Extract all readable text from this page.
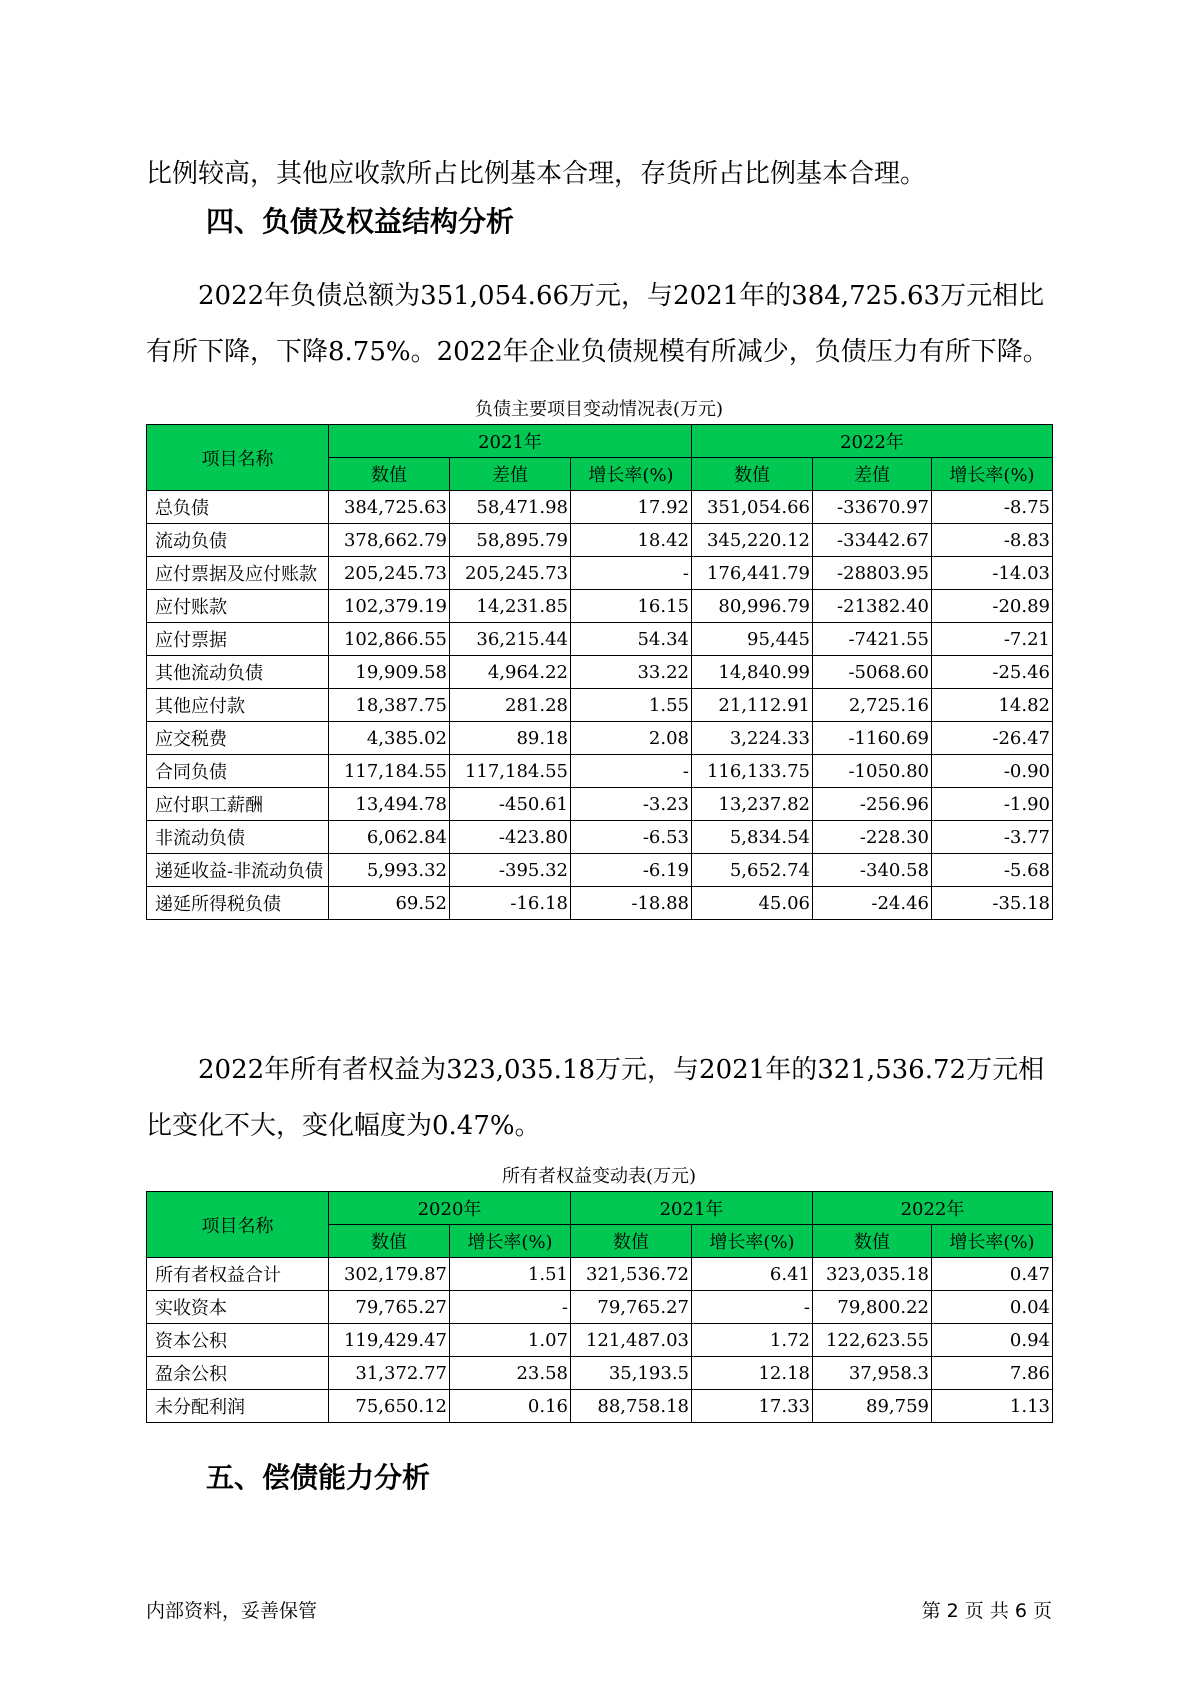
比例较高，其他应收款所占比例基本合理，存货所占比例基本合理。

四、负债及权益结构分析

2022年负债总额为351,054.66万元，与2021年的384,725.63万元相比有所下降，下降8.75%。2022年企业负债规模有所减少，负债压力有所下降。

负债主要项目变动情况表(万元)

项目名称	2021年			2022年		
	数值	差值	增长率(%)	数值	差值	增长率(%)
总负债	384,725.63	58,471.98	17.92	351,054.66	-33670.97	-8.75
流动负债	378,662.79	58,895.79	18.42	345,220.12	-33442.67	-8.83
应付票据及应付账款	205,245.73	205,245.73	-	176,441.79	-28803.95	-14.03
应付账款	102,379.19	14,231.85	16.15	80,996.79	-21382.40	-20.89
应付票据	102,866.55	36,215.44	54.34	95,445	-7421.55	-7.21
其他流动负债	19,909.58	4,964.22	33.22	14,840.99	-5068.60	-25.46
其他应付款	18,387.75	281.28	1.55	21,112.91	2,725.16	14.82
应交税费	4,385.02	89.18	2.08	3,224.33	-1160.69	-26.47
合同负债	117,184.55	117,184.55	-	116,133.75	-1050.80	-0.90
应付职工薪酬	13,494.78	-450.61	-3.23	13,237.82	-256.96	-1.90
非流动负债	6,062.84	-423.80	-6.53	5,834.54	-228.30	-3.77
递延收益-非流动负债	5,993.32	-395.32	-6.19	5,652.74	-340.58	-5.68
递延所得税负债	69.52	-16.18	-18.88	45.06	-24.46	-35.18

2022年所有者权益为323,035.18万元，与2021年的321,536.72万元相比变化不大，变化幅度为0.47%。

所有者权益变动表(万元)

项目名称	2020年		2021年		2022年	
	数值	增长率(%)	数值	增长率(%)	数值	增长率(%)
所有者权益合计	302,179.87	1.51	321,536.72	6.41	323,035.18	0.47
实收资本	79,765.27	-	79,765.27	-	79,800.22	0.04
资本公积	119,429.47	1.07	121,487.03	1.72	122,623.55	0.94
盈余公积	31,372.77	23.58	35,193.5	12.18	37,958.3	7.86
未分配利润	75,650.12	0.16	88,758.18	17.33	89,759	1.13
五、偿债能力分析
内部资料，妥善保管	第 2 页 共 6 页
